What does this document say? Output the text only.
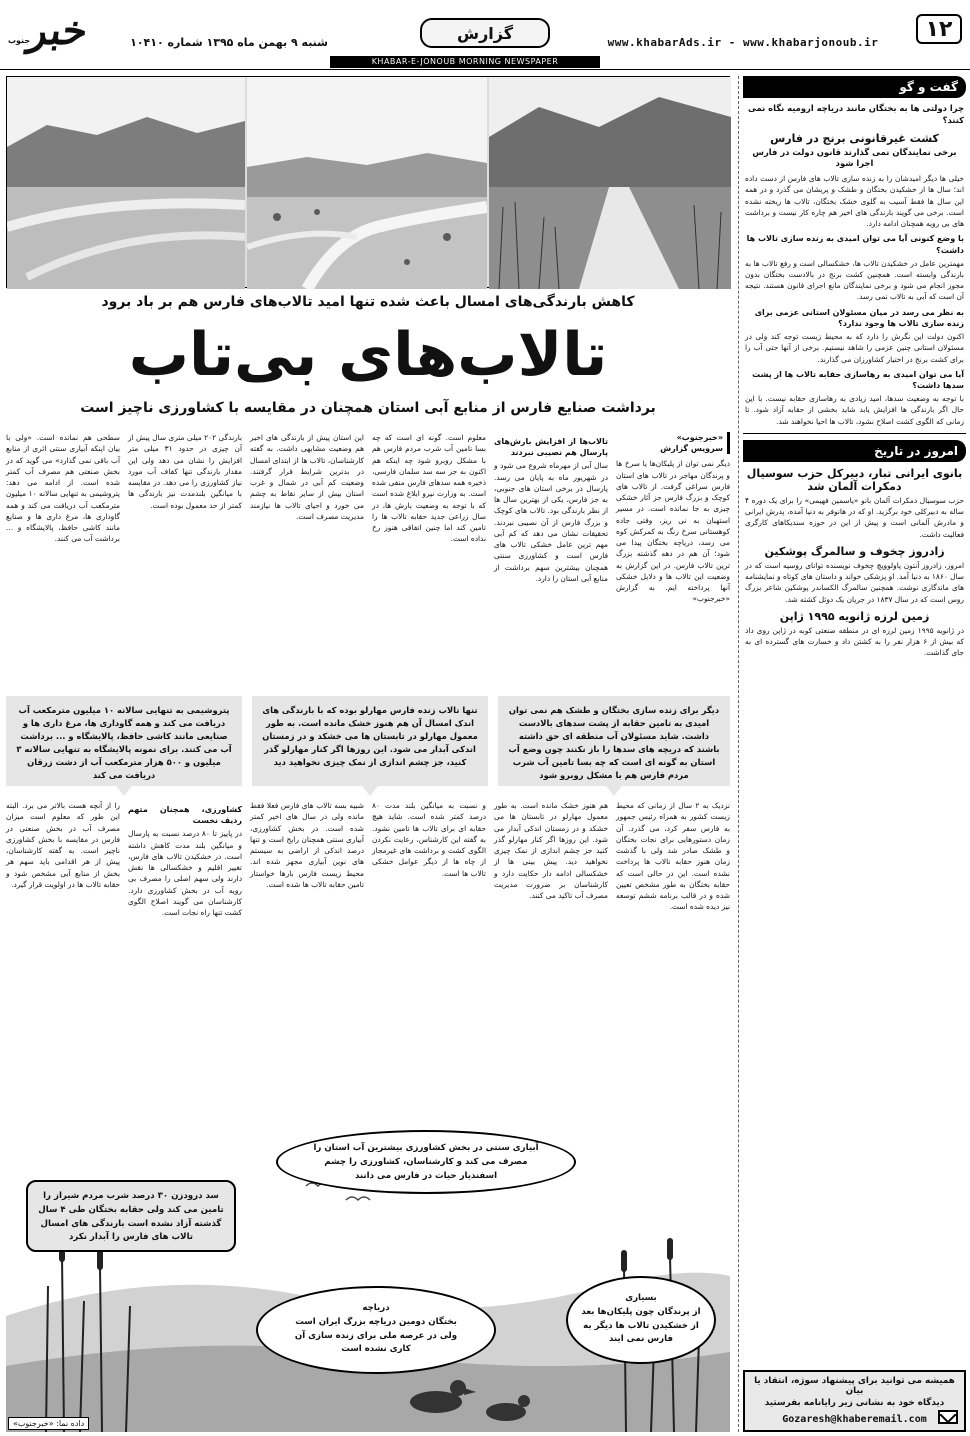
۱۲
www.khabarAds.ir - www.khabarjonoub.ir
گزارش
شنبه ۹ بهمن ماه ۱۳۹۵ شماره ۱۰۴۱۰
خبر
جنوب
KHABAR-E-JONOUB MORNING NEWSPAPER
کاهش بارندگی‌های امسال باعث شده تنها امید تالاب‌های فارس هم بر باد برود
تالاب‌های بی‌تاب
برداشت صنایع فارس از منابع آبی استان همچنان در مقایسه با کشاورزی ناچیز است
«خبرجنوب»
سرویس گزارش
دیگر نمی توان از پلیکان‌ها یا سرخ ها و پرندگان مهاجر در تالاب های استان فارس سراغی گرفت. از تالاب های کوچک و بزرگ فارس جز آثار خشکی چیزی به جا نمانده است. در مسیر استهبان به نی ریز، وقتی جاده کوهستانی سرخ رنگ به کمرکش کوه می رسد، دریاچه بختگان پیدا می شود؛ آن هم در دهه گذشته بزرگ ترین تالاب فارس. در این گزارش به وضعیت این تالاب ها و دلایل خشکی آنها پرداخته ایم. به گزارش «خبرجنوب»
تالاب‌ها از افزایش بارش‌های پارسال هم نصیبی نبردند
سال آبی از مهرماه شروع می شود و در شهریور ماه به پایان می رسد. پارسال در برخی استان های جنوبی، به جز فارس، یکی از بهترین سال ها از نظر بارندگی بود. تالاب های کوچک و بزرگ فارس از آن نصیبی نبردند. تحقیقات نشان می دهد که کم آبی مهم ترین عامل خشکی تالاب های فارس است و کشاورزی سنتی همچنان بیشترین سهم برداشت از منابع آبی استان را دارد.
معلوم است. گونه ای است که چه بسا تامین آب شرب مردم فارس هم با مشکل روبرو شود چه اینکه هم اکنون به جز سه سد سلمان فارسی، ذخیره همه سدهای فارس منفی شده است. به وزارت نیرو ابلاغ شده است که با توجه به وضعیت بارش ها، در سال زراعی جدید حقابه تالاب ها را تامین کند اما چنین اتفاقی هنوز رخ نداده است.
این استان پیش از بارندگی های اخیر هم وضعیت مشابهی داشت. به گفته کارشناسان، تالاب ها از ابتدای امسال در بدترین شرایط قرار گرفتند. وضعیت کم آبی در شمال و غرب استان بیش از سایر نقاط به چشم می خورد و احیای تالاب ها نیازمند مدیریت مصرف است.
بارندگی ۲۰۲ میلی متری سال پیش از آن چیزی در حدود ۳۱ میلی متر افزایش را نشان می دهد ولی این مقدار بارندگی تنها کفاف آب مورد نیاز کشاورزی را می دهد. در مقایسه با میانگین بلندمدت نیز بارندگی ها کمتر از حد معمول بوده است.
سطحی هم نمانده است. «ولی با بیان اینکه آبیاری سنتی اثری از منابع آب باقی نمی گذارد» می گوید که در بخش صنعتی هم مصرف آب کمتر شده است. از ادامه می دهد: پتروشیمی به تنهایی سالانه ۱۰ میلیون مترمکعب آب دریافت می کند و همه گاوداری ها، مرغ داری ها و صنایع مانند کاشی حافظ، پالایشگاه و ... برداشت آب می کنند.
پتروشیمی به تنهایی سالانه ۱۰ میلیون مترمکعب آب دریافت می کند و همه گاوداری ها، مرغ داری ها و صنایعی مانند کاشی حافظ، پالایشگاه و ... برداشت آب می کنند. برای نمونه پالایشگاه به تنهایی سالانه ۳ میلیون و ۵۰۰ هزار مترمکعب آب از دشت زرقان دریافت می کند
تنها تالاب زنده فارس مهارلو بوده که با بارندگی های اندک امسال آن هم هنوز خشک مانده است. به طور معمول مهارلو در تابستان ها می خشکد و در زمستان اندکی آبدار می شود. این روزها اگر کنار مهارلو گذر کنید، جز چشم اندازی از نمک چیزی نخواهید دید
دیگر برای زنده سازی بختگان و طشک هم نمی توان امیدی به تامین حقابه از پشت سدهای بالادست داشت. شاید مسئولان آب منطقه ای حق داشته باشند که دریچه های سدها را باز نکنند چون وضع آب استان به گونه ای است که چه بسا تامین آب شرب مردم فارس هم با مشکل روبرو شود
نزدیک به ۲ سال از زمانی که محیط زیست کشور به همراه رئیس جمهور به فارس سفر کرد، می گذرد. آن زمان دستورهایی برای نجات بختگان و طشک صادر شد ولی با گذشت زمان هنوز حقابه تالاب ها پرداخت نشده است. این در حالی است که حقابه بختگان به طور مشخص تعیین شده و در قالب برنامه ششم توسعه نیز دیده شده است.
هم هنوز خشک مانده است. به طور معمول مهارلو در تابستان ها می خشکد و در زمستان اندکی آبدار می شود. این روزها اگر کنار مهارلو گذر کنید جز چشم اندازی از نمک چیزی نخواهید دید. پیش بینی ها از خشکسالی ادامه دار حکایت دارد و کارشناسان بر ضرورت مدیریت مصرف آب تاکید می کنند.
و نسبت به میانگین بلند مدت ۸۰ درصد کمتر شده است. شاید هیچ حقابه ای برای تالاب ها تامین نشود. به گفته این کارشناس، رعایت نکردن الگوی کشت و برداشت های غیرمجاز از چاه ها از دیگر عوامل خشکی تالاب ها است.
شبیه بسه تالاب های فارس فعلا فقط مانده ولی در سال های اخیر کمتر شده است. در بخش کشاورزی، آبیاری سنتی همچنان رایج است و تنها درصد اندکی از اراضی به سیستم های نوین آبیاری مجهز شده اند. محیط زیست فارس بارها خواستار تامین حقابه تالاب ها شده است.
کشاورزی، همچنان متهم ردیف نخست
در پاییز تا ۸۰ درصد نسبت به پارسال و میانگین بلند مدت کاهش داشته است. در خشکیدن تالاب های فارس، تغییر اقلیم و خشکسالی ها نقش دارند ولی سهم اصلی را مصرف بی رویه آب در بخش کشاورزی دارد. کارشناسان می گویند اصلاح الگوی کشت تنها راه نجات است.
را از آنچه هست بالاتر می برد. البته این طور که معلوم است میزان مصرف آب در بخش صنعتی در فارس در مقایسه با بخش کشاورزی ناچیز است. به گفته کارشناسان، پیش از هر اقدامی باید سهم هر بخش از منابع آبی مشخص شود و حقابه تالاب ها در اولویت قرار گیرد.
آبیاری سنتی در بخش کشاورزی بیشترین آب استان را مصرف می کند و کارشناسان، کشاورزی را چشم اسفندیار حیات در فارس می دانند
سد درودزن ۳۰ درصد شرب مردم شیراز را تامین می کند ولی حقابه بختگان طی ۴ سال گذشته آزاد نشده است بارندگی های امسال تالاب های فارس را آبدار نکرد
دریاچه
بختگان دومین دریاچه بزرگ ایران است ولی در عرصه ملی برای زنده سازی آن کاری نشده است
بسیاری
از پرندگان چون پلیکان‌ها بعد از خشکیدن تالاب ها دیگر به فارس نمی ایند
داده نما: «خبرجنوب»
گفت و گو
چرا دولتی ها به بختگان مانند دریاچه ارومیه نگاه نمی کنند؟
کشت غیرقانونی برنج در فارس
برخی نمایندگان نمی گذارند قانون دولت در فارس اجرا شود
خیلی ها دیگر امیدشان را به زنده سازی تالاب های فارس از دست داده اند؛ سال ها از خشکیدن بختگان و طشک و پریشان می گذرد و در همه این سال ها فقط آسیب به گلوی خشک بختگان، تالاب ها ریخته نشده است. برخی می گویند بارندگی های اخیر هم چاره کار نیست و برداشت های بی رویه همچنان ادامه دارد.
با وضع کنونی آیا می توان امیدی به زنده سازی تالاب ها داشت؟
مهمترین عامل در خشکیدن تالاب ها، خشکسالی است و رفع تالاب ها به بارندگی وابسته است. همچنین کشت برنج در بالادست بختگان بدون مجوز انجام می شود و برخی نمایندگان مانع اجرای قانون هستند. نتیجه آن است که آبی به تالاب نمی رسد.
به نظر می رسد در میان مسئولان استانی عزمی برای زنده سازی تالاب ها وجود ندارد؟
اکنون دولت این نگرش را دارد که به محیط زیست توجه کند ولی در مسئولان استانی چنین عزمی را شاهد نیستیم. برخی از آنها حتی آب را برای کشت برنج در اختیار کشاورزان می گذارند.
آیا می توان امیدی به رهاسازی حقابه تالاب ها از پشت سدها داشت؟
با توجه به وضعیت سدها، امید زیادی به رهاسازی حقابه نیست. با این حال اگر بارندگی ها افزایش یابد شاید بخشی از حقابه آزاد شود. تا زمانی که الگوی کشت اصلاح نشود، تالاب ها احیا نخواهند شد.
امروز در تاریخ
بانوی ایرانی تبار، دبیرکل حزب سوسیال دمکرات آلمان شد
حزب سوسیال دمکرات آلمان بانو «یاسمین فهیمی» را برای یک دوره ۴ ساله به دبیرکلی خود برگزید. او که در هانوفر به دنیا آمده، پدرش ایرانی و مادرش آلمانی است و پیش از این در حوزه سندیکاهای کارگری فعالیت داشت.
زادروز چخوف و سالمرگ پوشکین
امروز، زادروز آنتون پاولوویچ چخوف نویسنده توانای روسیه است که در سال ۱۸۶۰ به دنیا آمد. او پزشکی خواند و داستان های کوتاه و نمایشنامه های ماندگاری نوشت. همچنین سالمرگ الکساندر پوشکین شاعر بزرگ روس است که در سال ۱۸۳۷ در جریان یک دوئل کشته شد.
زمین لرزه ژانویه ۱۹۹۵ ژاپن
در ژانویه ۱۹۹۵ زمین لرزه ای در منطقه صنعتی کوبه در ژاپن روی داد که بیش از ۶ هزار نفر را به کشتن داد و خسارت های گسترده ای به جای گذاشت.
همیشه می توانید برای پیشنهاد سوژه، انتقاد یا بیان
دیدگاه خود به نشانی زیر رایانامه بفرستید
Gozaresh@khaberemail.com
